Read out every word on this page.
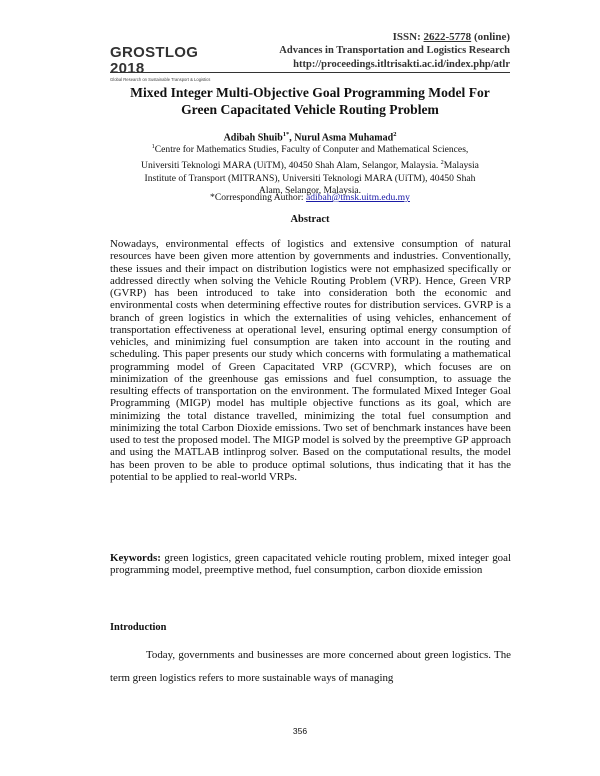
GROSTLOG 2018
Global Research on Sustainable Transport & Logistics
ISSN: 2622-5778 (online)
Advances in Transportation and Logistics Research
http://proceedings.itltrisakti.ac.id/index.php/atlr
Mixed Integer Multi-Objective Goal Programming Model For
Green Capacitated Vehicle Routing Problem
Adibah Shuib$^{1*}$, Nurul Asma Muhamad$^2$
$^1$Centre for Mathematics Studies, Faculty of Conputer and Mathematical Sciences, Universiti Teknologi MARA (UiTM), 40450 Shah Alam, Selangor, Malaysia. $^2$Malaysia Institute of Transport (MITRANS), Universiti Teknologi MARA (UiTM), 40450 Shah Alam, Selangor, Malaysia.
*Corresponding Author: adibah@tmsk.uitm.edu.my
Abstract

Nowadays, environmental effects of logistics and extensive consumption of natural resources have been given more attention by governments and industries. Conventionally, these issues and their impact on distribution logistics were not emphasized specifically or addressed directly when solving the Vehicle Routing Problem (VRP). Hence, Green VRP (GVRP) has been introduced to take into consideration both the economic and environmental costs when determining effective routes for distribution services. GVRP is a branch of green logistics in which the externalities of using vehicles, enhancement of transportation effectiveness at operational level, ensuring optimal energy consumption of vehicles, and minimizing fuel consumption are taken into account in the routing and scheduling. This paper presents our study which concerns with formulating a mathematical programming model of Green Capacitated VRP (GCVRP), which focuses are on minimization of the greenhouse gas emissions and fuel consumption, to assuage the resulting effects of transportation on the environment. The formulated Mixed Integer Goal Programming (MIGP) model has multiple objective functions as its goal, which are minimizing the total distance travelled, minimizing the total fuel consumption and minimizing the total Carbon Dioxide emissions. Two set of benchmark instances have been used to test the proposed model. The MIGP model is solved by the preemptive GP approach and using the MATLAB intlinprog solver. Based on the computational results, the model has been proven to be able to produce optimal solutions, thus indicating that it has the potential to be applied to real-world VRPs.

Keywords: green logistics, green capacitated vehicle routing problem, mixed integer goal programming model, preemptive method, fuel consumption, carbon dioxide emission

Introduction

Today, governments and businesses are more concerned about green logistics. The term green logistics refers to more sustainable ways of managing

356
